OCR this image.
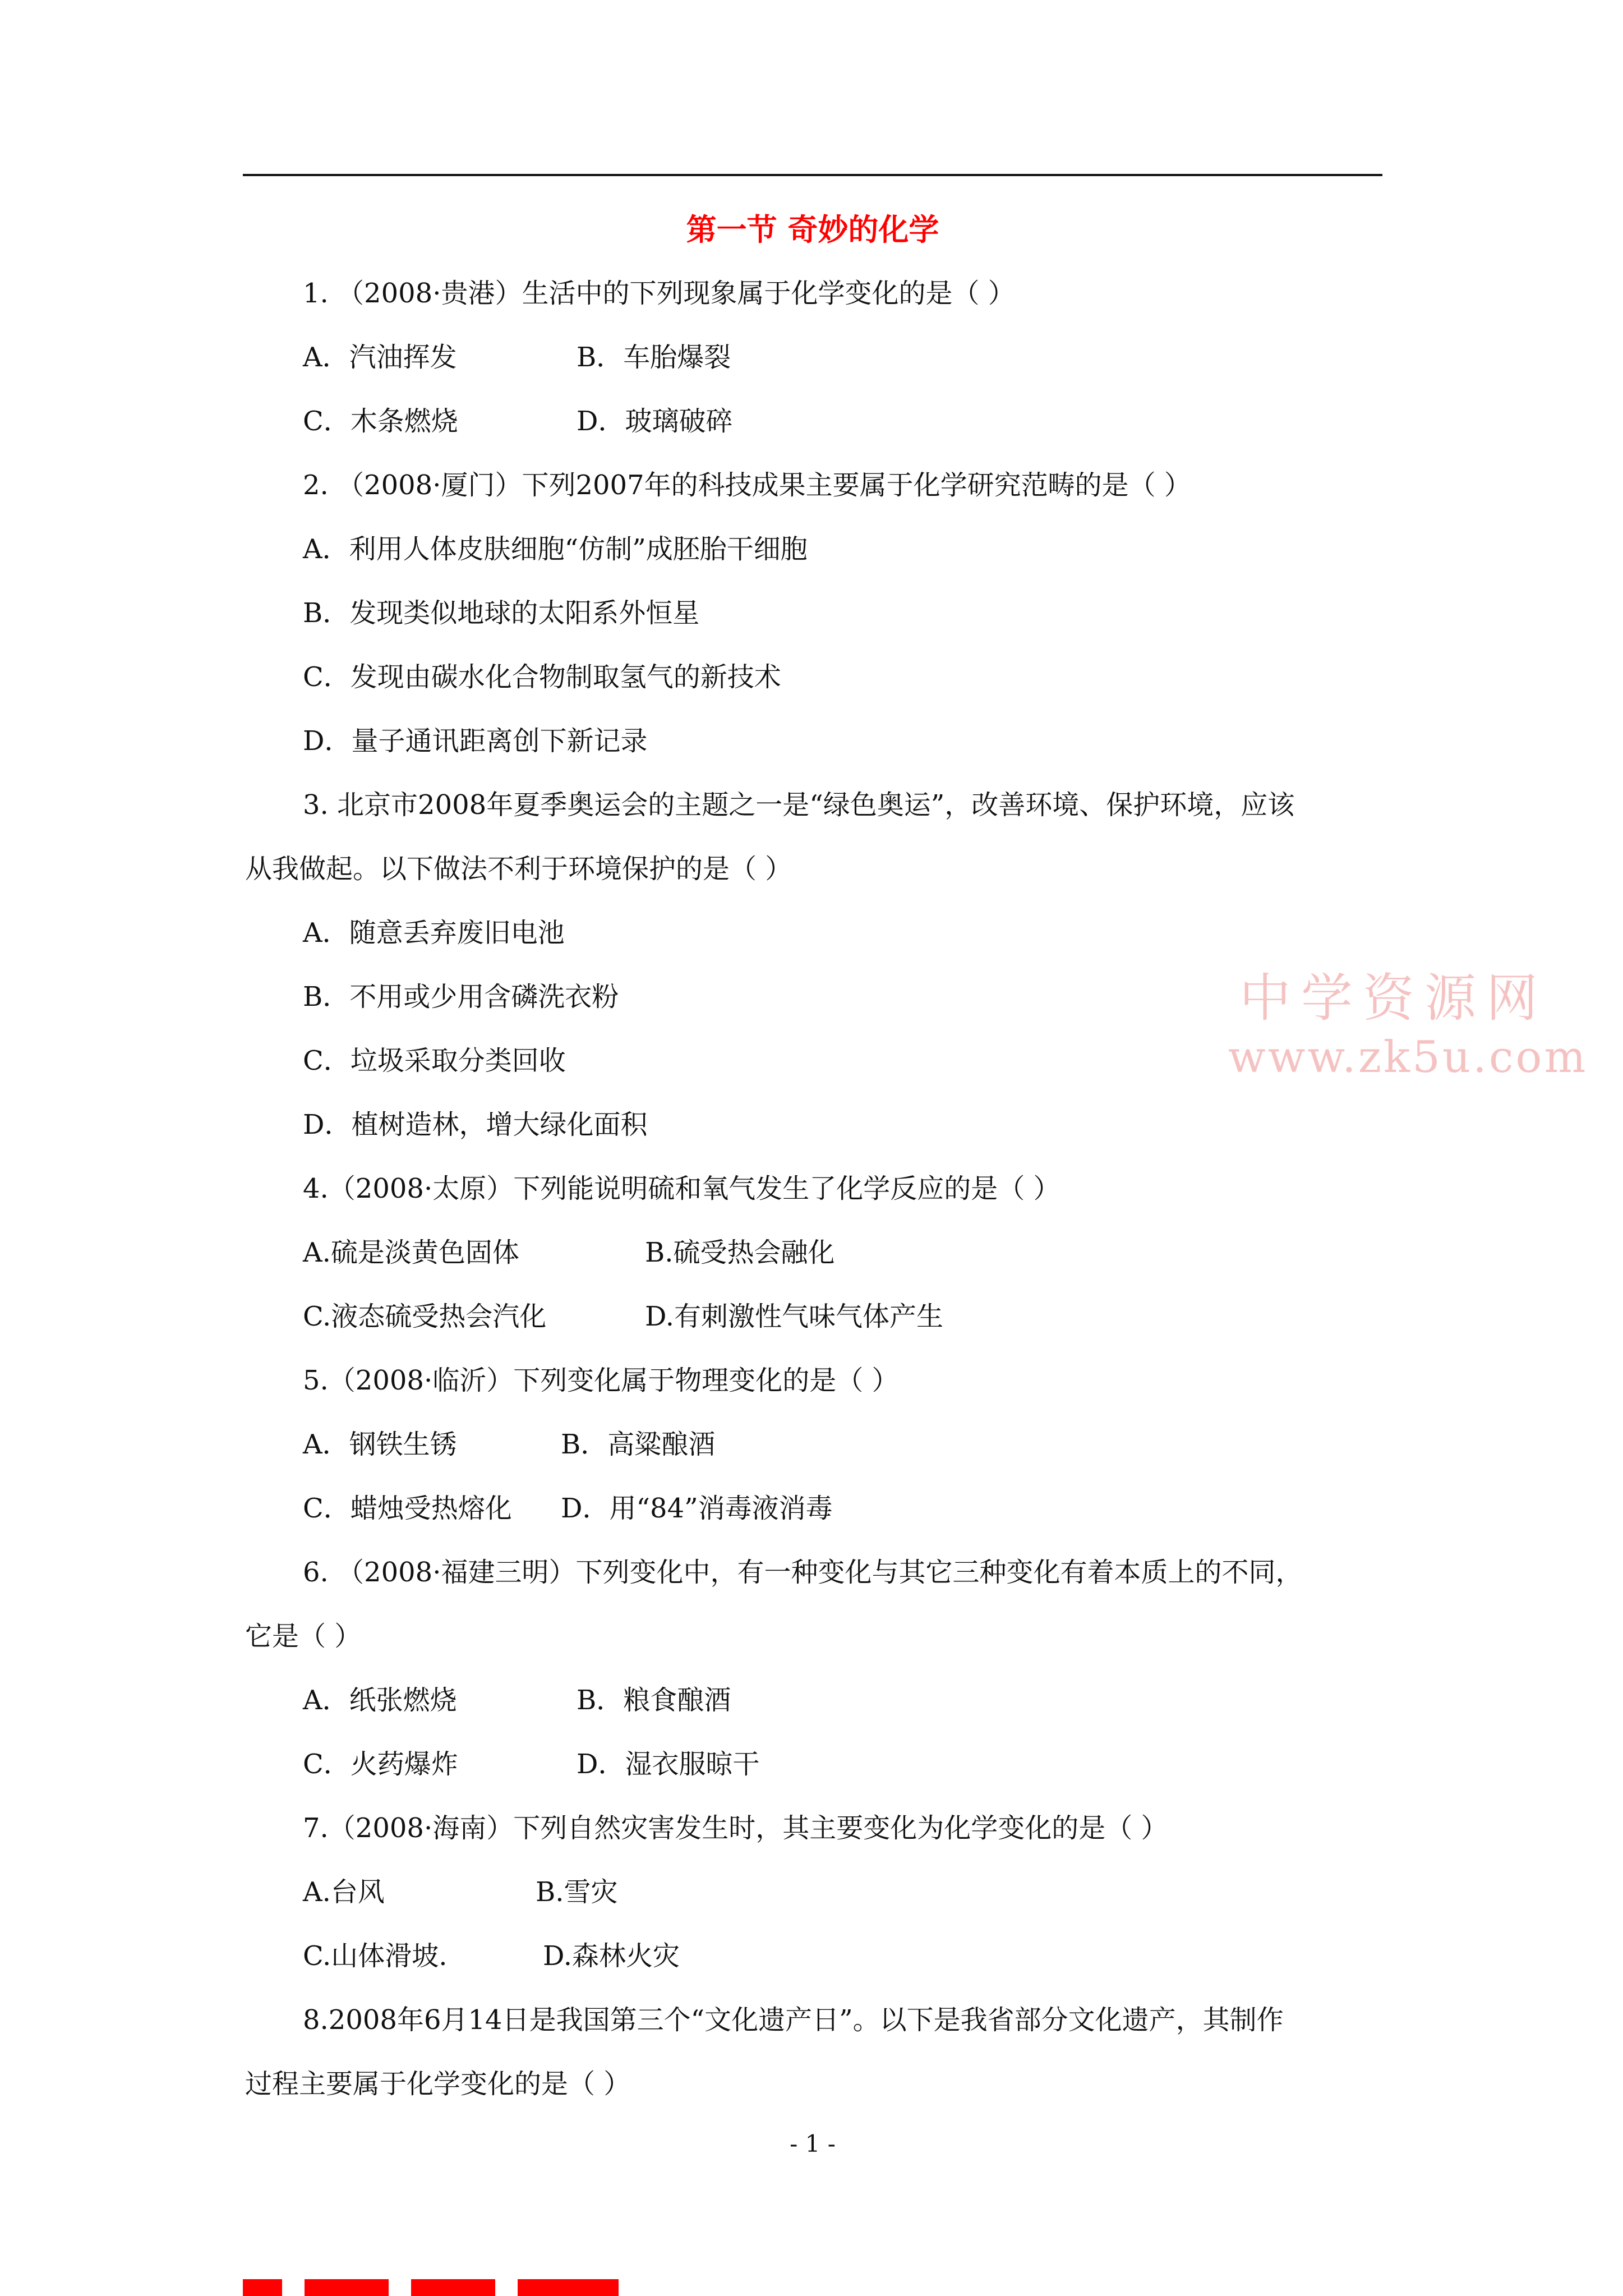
第一节 奇妙的化学
1. （2008·贵港）生活中的下列现象属于化学变化的是（ ）
A．汽油挥发	B．车胎爆裂
C．木条燃烧	D．玻璃破碎
2. （2008·厦门）下列2007年的科技成果主要属于化学研究范畴的是（ ）
A．利用人体皮肤细胞“仿制”成胚胎干细胞
B．发现类似地球的太阳系外恒星
C．发现由碳水化合物制取氢气的新技术
D．量子通讯距离创下新记录
3. 北京市2008年夏季奥运会的主题之一是“绿色奥运”，改善环境、保护环境，应该
从我做起。以下做法不利于环境保护的是（ ）
A．随意丢弃废旧电池
B．不用或少用含磷洗衣粉
C．垃圾采取分类回收
D．植树造林，增大绿化面积
4.（2008·太原）下列能说明硫和氧气发生了化学反应的是（ ）
A.硫是淡黄色固体	B.硫受热会融化
C.液态硫受热会汽化	D.有刺激性气味气体产生
5.（2008·临沂）下列变化属于物理变化的是（ ）
A．钢铁生锈	B．高粱酿酒
C．蜡烛受热熔化 D．用“84”消毒液消毒
6. （2008·福建三明）下列变化中，有一种变化与其它三种变化有着本质上的不同，
它是（ ）
A．纸张燃烧	B．粮食酿酒
C．火药爆炸	D．湿衣服晾干
7.（2008·海南）下列自然灾害发生时，其主要变化为化学变化的是（ ）
A.台风	B.雪灾
C.山体滑坡.	D.森林火灾
8.2008年6月14日是我国第三个“文化遗产日”。以下是我省部分文化遗产，其制作
过程主要属于化学变化的是（ ）
中学资源网
www.zk5u.com
- 1 -
